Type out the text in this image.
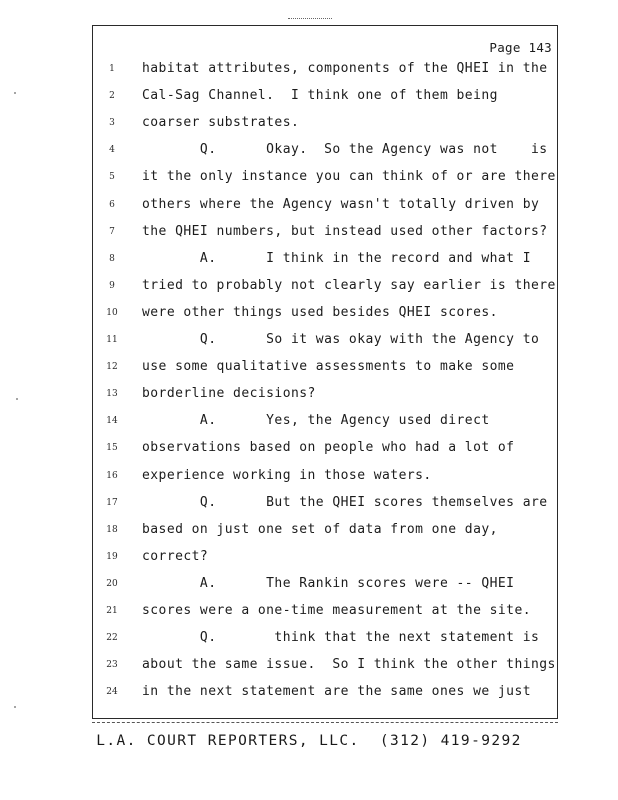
Page 143
1	habitat attributes, components of the QHEI in the
2	Cal-Sag Channel.  I think one of them being
3	coarser substrates.
4	Q.      Okay.  So the Agency was not    is
5	it the only instance you can think of or are there
6	others where the Agency wasn't totally driven by
7	the QHEI numbers, but instead used other factors?
8	A.      I think in the record and what I
9	tried to probably not clearly say earlier is there
10	were other things used besides QHEI scores.
11	Q.      So it was okay with the Agency to
12	use some qualitative assessments to make some
13	borderline decisions?
14	A.      Yes, the Agency used direct
15	observations based on people who had a lot of
16	experience working in those waters.
17	Q.      But the QHEI scores themselves are
18	based on just one set of data from one day,
19	correct?
20	A.      The Rankin scores were -- QHEI
21	scores were a one-time measurement at the site.
22	Q.       think that the next statement is
23	about the same issue.  So I think the other things
24	in the next statement are the same ones we just
L.A. COURT REPORTERS, LLC.  (312) 419-9292
